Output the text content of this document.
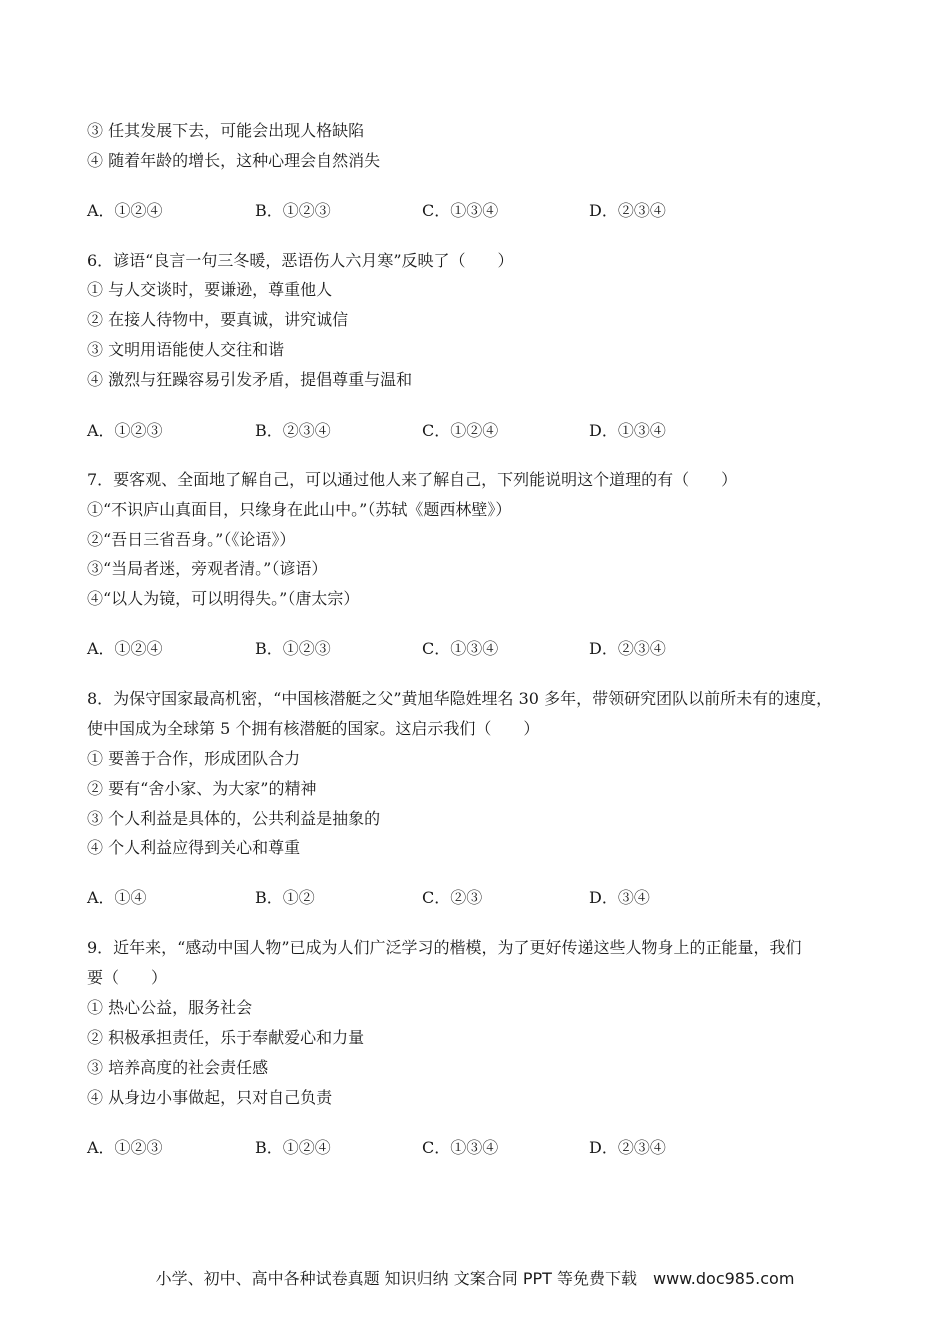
③ 任其发展下去，可能会出现人格缺陷
④ 随着年龄的增长，这种心理会自然消失
A．①②④	B．①②③	C．①③④	D．②③④
6．谚语“良言一句三冬暖，恶语伤人六月寒”反映了（　　）
① 与人交谈时，要谦逊，尊重他人
② 在接人待物中，要真诚，讲究诚信
③ 文明用语能使人交往和谐
④ 激烈与狂躁容易引发矛盾，提倡尊重与温和
A．①②③	B．②③④	C．①②④	D．①③④
7．要客观、全面地了解自己，可以通过他人来了解自己，下列能说明这个道理的有（　　）
①“不识庐山真面目，只缘身在此山中。”（苏轼《题西林壁》）
②“吾日三省吾身。”（《论语》）
③“当局者迷，旁观者清。”（谚语）
④“以人为镜，可以明得失。”（唐太宗）
A．①②④	B．①②③	C．①③④	D．②③④
8．为保守国家最高机密，“中国核潜艇之父”黄旭华隐姓埋名 30 多年，带领研究团队以前所未有的速度，
使中国成为全球第 5 个拥有核潜艇的国家。这启示我们（　　）
① 要善于合作，形成团队合力
② 要有“舍小家、为大家”的精神
③ 个人利益是具体的，公共利益是抽象的
④ 个人利益应得到关心和尊重
A．①④	B．①②	C．②③	D．③④
9．近年来，“感动中国人物”已成为人们广泛学习的楷模，为了更好传递这些人物身上的正能量，我们
要（　　）
① 热心公益，服务社会
② 积极承担责任，乐于奉献爱心和力量
③ 培养高度的社会责任感
④ 从身边小事做起，只对自己负责
A．①②③	B．①②④	C．①③④	D．②③④
小学、初中、高中各种试卷真题 知识归纳 文案合同 PPT 等免费下载　www.doc985.com
